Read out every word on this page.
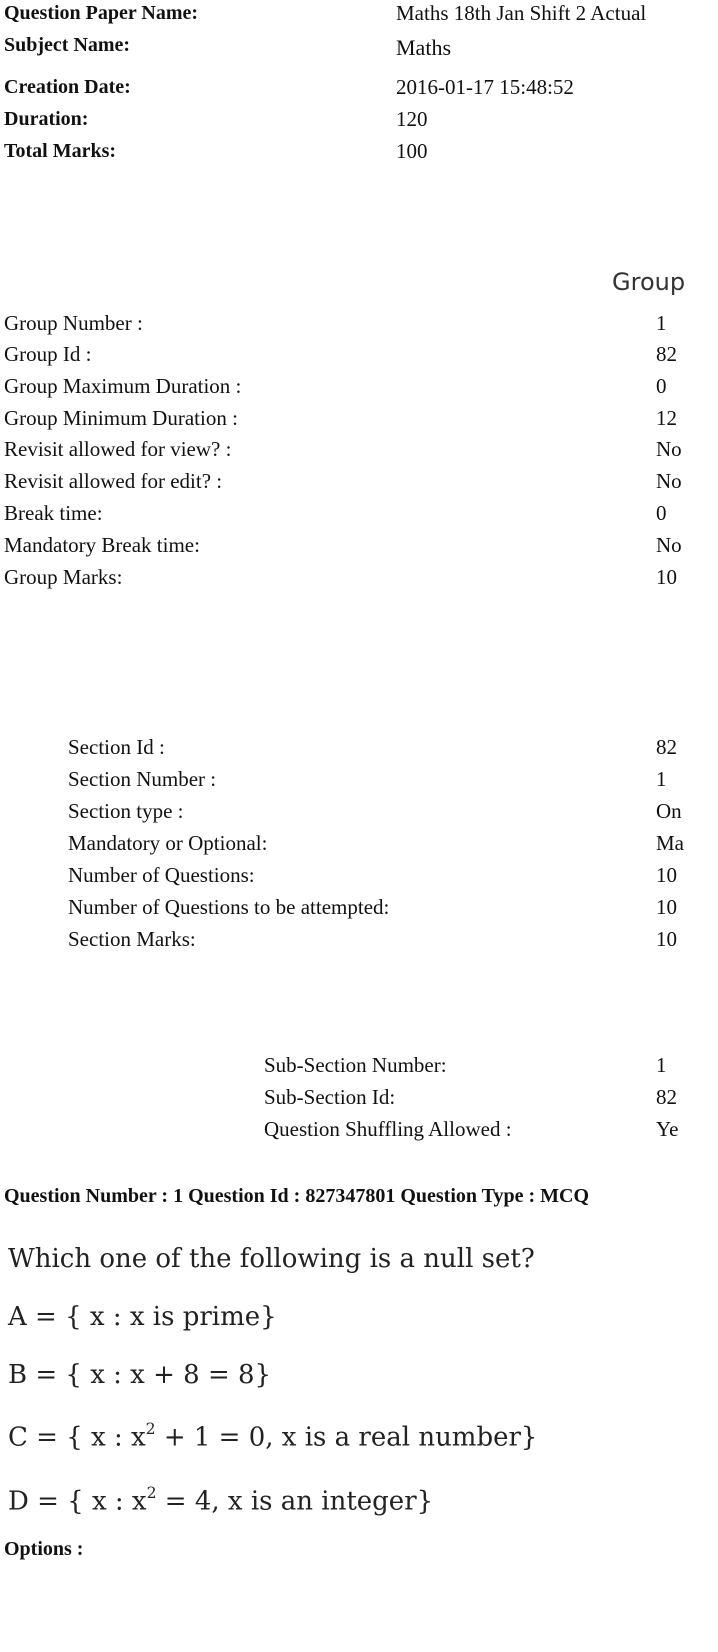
Question Paper Name:	Maths 18th Jan Shift 2 Actual
Subject Name:	Maths
Creation Date:	2016-01-17 15:48:52
Duration:	120
Total Marks:	100
Group
Group Number :	1
Group Id :	82
Group Maximum Duration :	0
Group Minimum Duration :	12
Revisit allowed for view? :	No
Revisit allowed for edit? :	No
Break time:	0
Mandatory Break time:	No
Group Marks:	10
Section Id :	82
Section Number :	1
Section type :	On
Mandatory or Optional:	Ma
Number of Questions:	10
Number of Questions to be attempted:	10
Section Marks:	10
Sub-Section Number:	1
Sub-Section Id:	82
Question Shuffling Allowed :	Ye
Question Number : 1 Question Id : 827347801 Question Type : MCQ
Which one of the following is a null set?
A = { x : x is prime}
B = { x : x + 8 = 8}
C = { x : $x^2 + 1 = 0$, x is a real number}
D = { x : $x^2 = 4$, x is an integer}
Options :
